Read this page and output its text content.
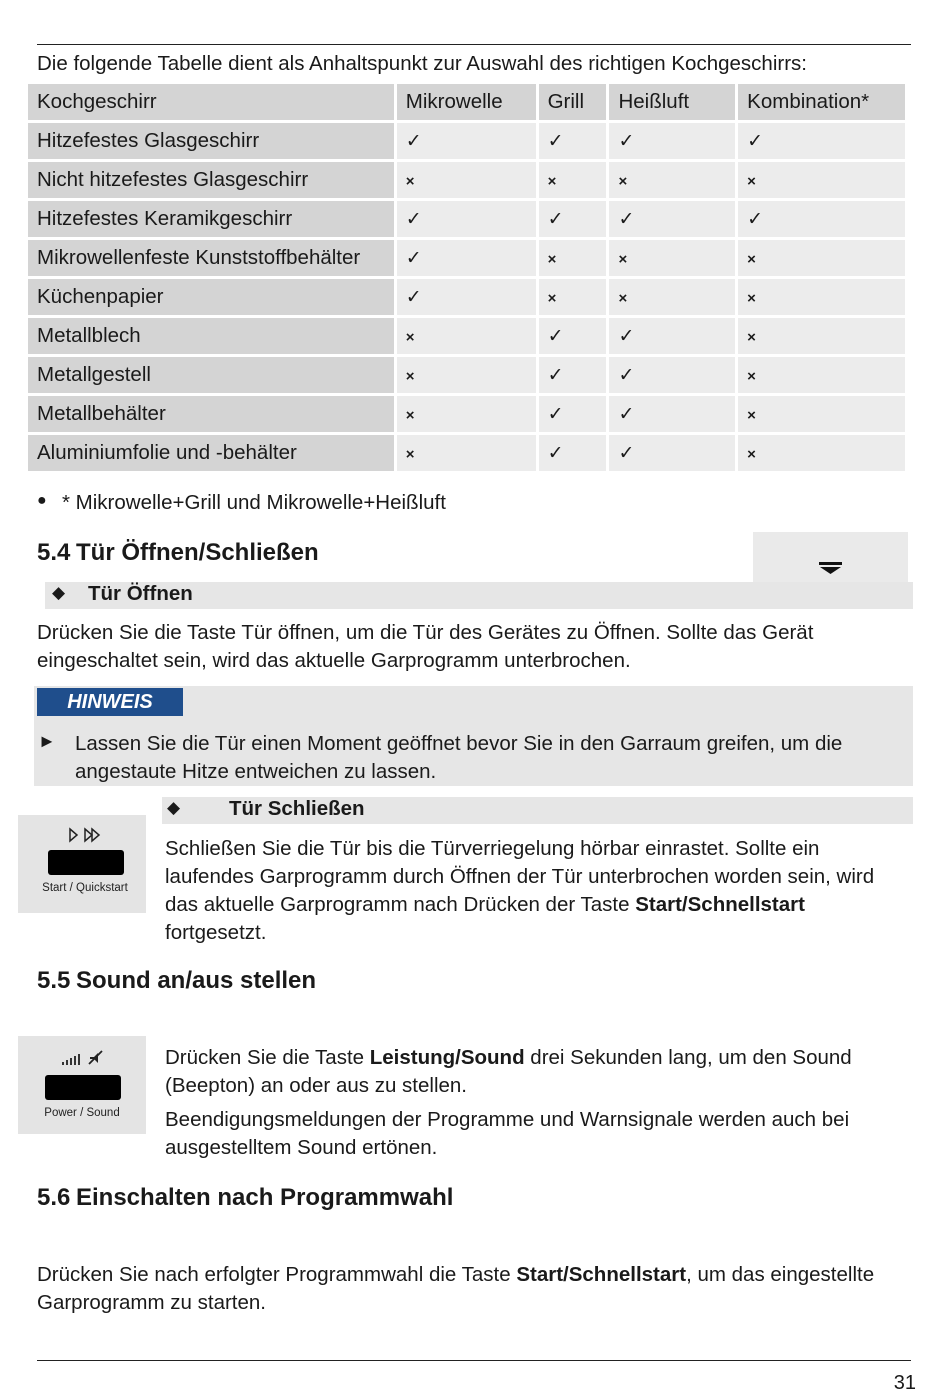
Die folgende Tabelle dient als Anhaltspunkt zur Auswahl des richtigen Kochgeschirrs:
Kochgeschirr	Mikrowelle	Grill	Heißluft	Kombination*
Hitzefestes Glasgeschirr	✓	✓	✓	✓
Nicht hitzefestes Glasgeschirr	×	×	×	×
Hitzefestes Keramikgeschirr	✓	✓	✓	✓
Mikrowellenfeste Kunststoffbehälter	✓	×	×	×
Küchenpapier	✓	×	×	×
Metallblech	×	✓	✓	×
Metallgestell	×	✓	✓	×
Metallbehälter	×	✓	✓	×
Aluminiumfolie und -behälter	×	✓	✓	×
● * Mikrowelle+Grill und Mikrowelle+Heißluft
5.4 Tür Öffnen/Schließen
◆ Tür Öffnen
Drücken Sie die Taste Tür öffnen, um die Tür des Gerätes zu Öffnen. Sollte das Gerät eingeschaltet sein, wird das aktuelle Garprogramm unterbrochen.
HINWEIS
► Lassen Sie die Tür einen Moment geöffnet bevor Sie in den Garraum greifen, um die angestaute Hitze entweichen zu lassen.
Start / Quickstart
◆ Tür Schließen
Schließen Sie die Tür bis die Türverriegelung hörbar einrastet. Sollte ein laufendes Garprogramm durch Öffnen der Tür unterbrochen worden sein, wird das aktuelle Garprogramm nach Drücken der Taste Start/Schnellstart fortgesetzt.
5.5 Sound an/aus stellen
Power / Sound
Drücken Sie die Taste Leistung/Sound drei Sekunden lang, um den Sound (Beepton) an oder aus zu stellen.
Beendigungsmeldungen der Programme und Warnsignale werden auch bei ausgestelltem Sound ertönen.
5.6 Einschalten nach Programmwahl
Drücken Sie nach erfolgter Programmwahl die Taste Start/Schnellstart, um das eingestellte Garprogramm zu starten.
31
